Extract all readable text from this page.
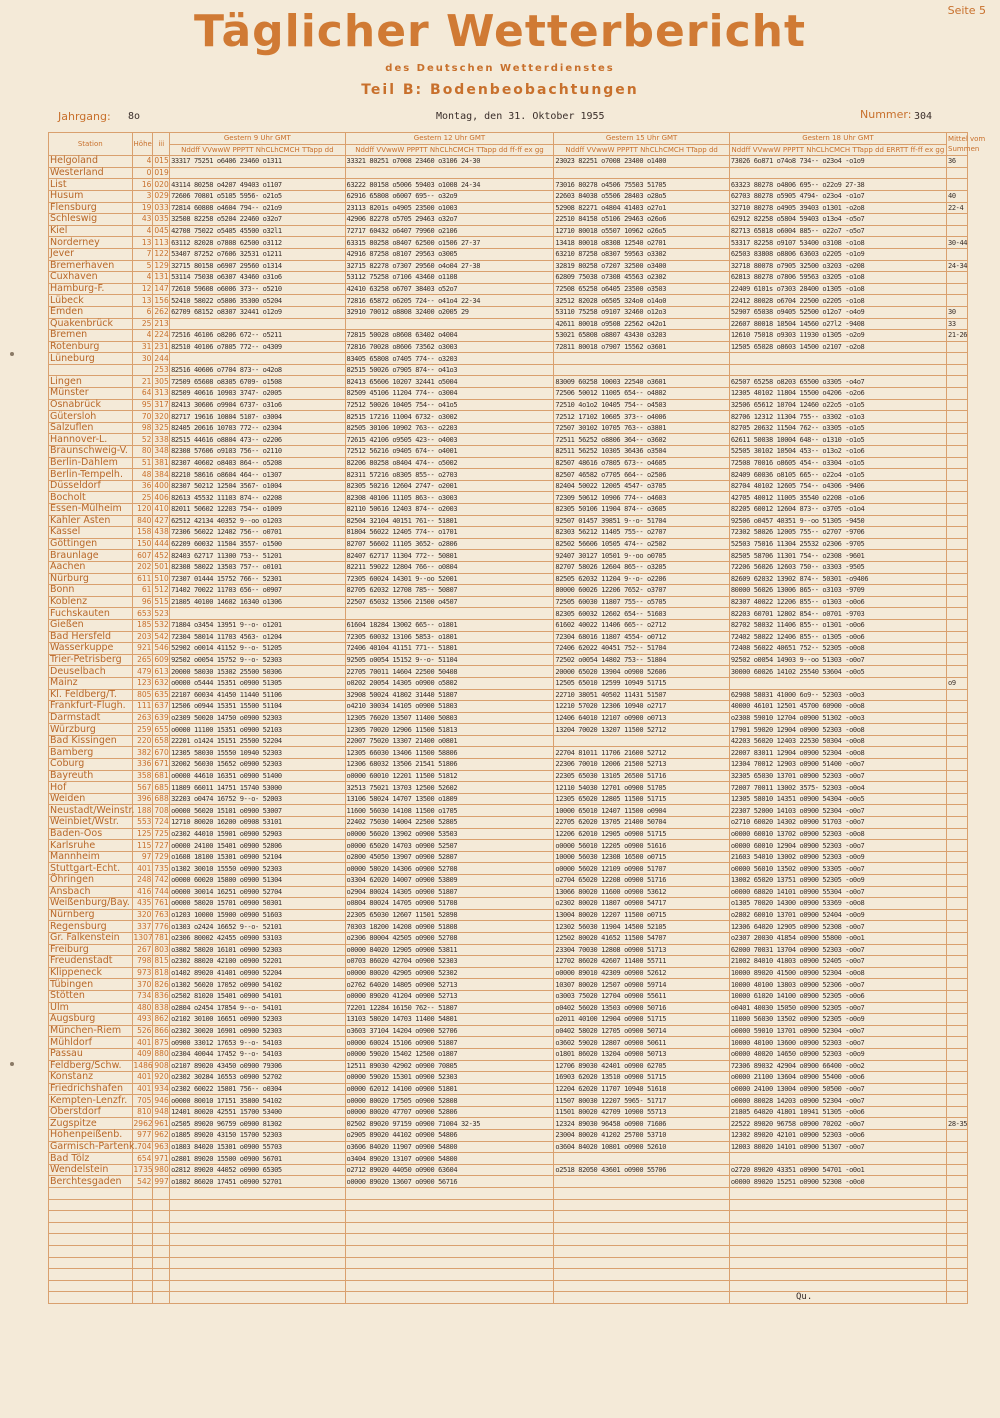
Seite 5
Täglicher Wetterbericht
des Deutschen Wetterdienstes
Teil B: Bodenbeobachtungen
Jahrgang: 8o	Montag, den 31. Oktober 1955	Nummer: 304
Station	Höhe	iii	Gestern 9 Uhr GMT	Gestern 12 Uhr GMT	Gestern 15 Uhr GMT	Gestern 18 Uhr GMT	Mittel vom
Summen

			Nddff VVwwW PPPTT NhCLhCMCH TTapp dd	Nddff VVwwW PPPTT NhCLhCMCH TTapp dd ff-ff ex gg	Nddff VVwwW PPPTT NhCLhCMCH TTapp dd	Nddff VVwwW PPPTT NhCLhCMCH TTapp dd ERRTT ff-ff ex gg	
Helgoland	4	015	33317 75251 o6406 23460 o1311	33321 80251 o7008 23460 o3106 24-30	23023 82251 o7008 23400 o1400	73026 6o871 o74o8 734-- o23o4 -o1o9	36
Westerland	0	019					
List	16	020	43114 80258 o4207 49403 o1107	63222 80158 o5006 59403 o1008 24-34	73016 80278 o4506 75503 51705	63323 80278 o4806 695-- o22o9 27-38	
Husum	3	029	72606 70801 o5105 5956- o21o5	62916 65808 o6007 695-- o32o9	22603 84038 o5506 28403 o28o5	62703 80278 o5905 4794- o23o4 -o1o7	40
Flensburg	19	033	72814 60808 o4604 794-- o21o9	23113 8201s o4905 23500 o1003	52908 82271 o4804 41403 o27o1	32710 80278 o4905 39403 o1301 -o2o8	22-4
Schleswig	43	035	32508 82258 o5204 22460 o32o7	42906 82278 o5705 29463 o32o7	22510 84158 o5106 29463 o26o6	62912 82258 o5804 59403 o13o4 -o5o7	
Kiel	4	045	42708 75022 o5405 45500 o32l1	72717 60432 o6407 79960 o2106	12710 80018 o5507 10962 o26o5	82713 65818 o6004 885-- o22o7 -o5o7	
Norderney	13	113	63112 82028 o7808 62500 o3112	63315 80258 o8407 62500 o1506 27-37	13418 80018 o8308 12540 o2701	53317 82258 o9107 53400 o3108 -o1o8	30-44
Jever	7	122	53407 87252 o7606 32531 o1211	42916 87258 o8107 29563 o3005	63210 87258 o8307 59563 o3302	62503 83808 o8806 63603 o2205 -o1o9	
Bremerhaven	5	129	32715 80158 o6907 29560 o1314	32715 82278 o7307 29560 o4o04 27-38	32819 80258 o7207 32500 o3400	32718 80078 o7905 32500 o3203 -o208	24-34
Cuxhaven	4	131	53114 75038 o6307 43460 o31o6	53112 75258 o7106 43460 o1108	62809 75038 o7308 45563 o2302	62813 80278 o7806 59563 o3205 -o1o8	
Hamburg-F.	12	147	72610 59608 o6006 373-- o5210	42410 63258 o6707 38403 o52o7	72508 65258 o6405 23500 o3503	22409 6101s o7303 28400 o1305 -o1o8	
Lübeck	13	156	52410 58022 o5806 35300 o5204	72816 65872 o6205 724-- o41o4 22-34	32512 82028 o6505 324o0 o14o0	22412 80028 o6704 22500 o2205 -o1o8	
Emden	6	262	62709 68152 o8307 32441 o12o9	32910 70012 o8808 32400 o2005 29	53110 75258 o9107 32460 o12o3	52907 65038 o9405 52500 o12o7 -o4o9	30
Quakenbrück	25	213			42611 80018 o9508 22562 o42o1	22607 80018 10504 14560 o27l2 -9408	33
Bremen	4	224	72516 46106 o8206 672-- o5211	72815 50028 o8608 63402 o4004	53021 65808 o8807 43430 o3203	12610 75018 o9303 11930 o1305 -o2o9	21-26
Rotenburg	31	231	82510 40106 o7805 772-- o4309	72816 70028 o8606 73562 o3003	72811 80018 o7907 15562 o3601	12505 65028 o8603 14500 o2107 -o2o8	
Lüneburg	30	244		83405 65808 o7405 774-- o3203			
		253	82516 40606 o7704 873-- o42o8	82515 50026 o7905 874-- o41o3			
Lingen	21	305	72509 65608 o8305 6709- o1508	82413 65606 10207 32441 o5004	83009 60258 10003 22540 o3601	62507 65258 o8203 65500 o3305 -o4o7	
Münster	64	313	82509 40616 10903 3747- o2005	82509 45106 11204 774-- o3004	72506 50012 11005 654-- o4802	12305 40102 11804 15500 o4206 -o2o6	
Osnabrück	95	317	82413 30606 o9904 6737- o31o6	72512 50026 10405 754-- o41o5	72510 4o1o2 10405 754-- o4503	32506 65612 10704 12460 o22o5 -o1o5	
Gütersloh	70	320	82717 19616 10804 5107- o3004	82515 17216 11004 6732- o3002	72512 17102 10605 373-- o4006	82706 12312 11304 755-- o3302 -o1o3	
Salzuflen	98	325	82405 20616 10703 772-- o2304	82505 30106 10902 763-- o2203	72507 30102 10705 763-- o3801	82705 20632 11504 762-- o3305 -o1o5	
Hannover-L.	52	338	82515 44616 o8804 473-- o2206	72615 42106 o9505 423-- o4003	72511 56252 o8806 364-- o3602	62611 50038 10004 648-- o1310 -o1o5	
Braunschweig-V.	80	348	82308 57606 o9103 756-- o2110	72512 56216 o9405 674-- o4001	82511 56252 10305 36436 o3504	52505 30102 10504 453-- o13o2 -o1o6	
Berlin-Dahlem	51	381	82307 40602 o8403 864-- o5208	82206 80258 o8404 474-- o5002	82507 48616 o7805 673-- o4605	72508 70016 o8605 454-- o3304 -o1o5	
Berlin-Tempelh.	48	384	82210 58616 o8604 464-- o1307	82311 57216 o8305 855-- o2703	82507 46582 o7705 664-- o2506	82409 60036 o8105 665-- o22o4 -o1o5	
Düsseldorf	36	400	82307 50212 12504 3567- o1004	82305 50216 12604 2747- o2001	82404 50022 12005 4547- o3705	82704 40102 12605 754-- o4306 -9406	
Bocholt	25	406	82613 45532 11103 874-- o2208	82308 40106 11105 863-- o3003	72309 50612 10906 774-- o4603	42705 40012 11005 35540 o2208 -o1o6	
Essen-Mülheim	120	410	82011 50602 12203 754-- o1009	82110 50616 12403 874-- o2003	82305 50106 11904 874-- o3605	82205 60012 12604 873-- o3705 -o1o4	
Kahler Asten	840	427	62512 42134 40352 9--oo o1203	82504 32104 40151 761-- 51801	92507 01457 39851 9--o- 51704	92506 o0457 40351 9--oo 51305 -9450	
Kassel	158	438	72306 56022 12402 756-- o0701	81804 56022 12405 774-- o1701	82303 56212 11405 755-- o2707	72302 58026 12005 755-- o2707 -9706	
Göttingen	150	444	62209 60032 11504 3557- o1500	82707 56602 11105 3652- o2806	82502 56606 10505 474-- o2502	52503 75016 11304 25532 o2306 -9705	
Braunlage	607	452	82403 62717 11300 753-- 51201	82407 62717 11304 772-- 50801	92407 30127 10501 9--oo o0705	82505 58706 11301 754-- o2308 -9601	
Aachen	202	501	82308 58022 13503 757-- o0101	82211 59022 12804 766-- o0804	82707 58026 12604 865-- o3205	72206 56026 12603 750-- o3303 -9505	
Nürburg	611	510	72307 01444 15752 766-- 52301	72305 60024 14301 9--oo 52001	82505 62032 11204 9--o- o2206	82609 62032 13902 874-- 50301 -o9406	
Bonn	61	512	71402 70022 11703 656-- o0907	82705 62032 12708 785-- 50807	80000 60026 12206 7652- o3707	80000 56026 13006 865-- o3103 -9709	
Koblenz	96	515	21805 40100 14602 16340 o1306	22507 65032 13506 21500 o4507	72505 60030 11807 755-- o5705	82307 40022 12206 855-- o1303 -o0o6	
Fuchskauten	653	523			82305 60032 12602 654-- 51603	82203 60701 12802 854-- o0701 -9703	
Gießen	185	532	71804 o3454 13951 9--o- o1201	61604 18284 13002 665-- o1801	61602 40022 11406 665-- o2712	82702 58032 11406 855-- o1301 -o0o6	
Bad Hersfeld	203	542	72304 58014 11703 4563- o1204	72305 60032 13106 5853- o1801	72304 68016 11807 4554- o0712	72402 58022 12406 855-- o1305 -o0o6	
Wasserkuppe	921	546	52902 o0014 41152 9--o- 51205	72406 40104 41151 771-- 51801	72406 62022 40451 752-- 51704	72408 56022 40651 752-- 52305 -o0o8	
Trier-Petrisberg	265	609	92502 o0054 15752 9--o- 52303	92505 o0054 15152 9--o- 51104	72502 o0054 14802 753-- 51804	92502 o0054 14903 9--oo 51303 -o0o7	
Deuselbach	479	613	20000 58030 15302 25500 50306	22705 70011 14604 22500 50408	20000 65020 13904 o0900 52606	30000 60026 14102 25540 53604 -o0o5	
Mainz	123	632	o0000 o5444 15351 o0900 51305	o0202 20054 14305 o0900 o5802	12505 65010 12599 10949 51715		o9
Kl. Feldberg/T.	805	635	22107 60034 41450 11440 51106	32908 50024 41802 31440 51807	22710 38051 40502 11431 51507	62908 58031 41000 6o9-- 52303 -o0o3	
Frankfurt-Flugh.	111	637	12506 o0944 15351 15500 51104	o4210 30034 14105 o0900 51803	12210 57020 12306 10940 o2717	40000 46101 12501 45700 60900 -o0o8	
Darmstadt	263	639	o2309 50020 14750 o0900 52303	12305 76020 13507 11400 50803	12406 64010 12107 o0900 o0713	o2308 59010 12704 o0900 51302 -o0o3	
Würzburg	259	655	o0000 11100 15351 o0900 52103	12305 70020 12906 11500 51813	13204 70020 13207 11500 52712	17901 59020 12904 o0900 52303 -o0o8	
Bad Kissingen	220	658	22201 o1424 15151 25500 52204	22007 75020 13307 21400 o0801		42203 56020 12403 22530 50304 -o0o8	
Bamberg	382	670	12305 58030 15550 10940 52303	12305 66030 13406 11500 58806	22704 81011 11706 21600 52712	22007 83011 12904 o0900 52304 -o0o8	
Coburg	336	671	32002 56030 15652 o0900 52303	12306 68032 13506 21541 51806	22306 70010 12006 21500 52713	12304 70012 12903 o0900 51400 -o0o7	
Bayreuth	358	681	o0000 44610 16351 o0900 51400	o0000 60010 12201 11500 51812	22305 65030 13105 26500 51716	32305 65030 13701 o0900 52303 -o0o7	
Hof	567	685	11809 66011 14751 15740 53000	32513 75021 13703 12500 52602	12110 54030 12701 o0900 51705	72007 70011 13002 3575- 52303 -o0o4	
Weiden	396	688	32203 o0474 16752 9--o- 52003	13106 58024 14707 13500 o1809	12305 65020 12805 11500 51715	12305 58010 14351 o0900 54304 -o0o5	
Neustadt/Weinstr.	188	708	o0000 56020 15101 o0900 53007	11600 56030 14108 11500 o1705	10000 65010 12407 11500 o0904	22307 52000 14103 o0900 52304 -o0o7	
Weinbiet/Wstr.	553	724	12710 80020 16200 o0908 53101	22402 75030 14004 22500 52805	22705 62020 13705 21400 50704	o2710 60020 14302 o0900 51703 -o0o7	
Baden-Oos	125	725	o2302 44010 15901 o0900 52903	o0000 56020 13902 o0900 53503	12206 62010 12905 o0900 51715	o0000 60010 13702 o0900 52303 -o0o8	
Karlsruhe	115	727	o0000 24100 15401 o0900 52806	o0000 65020 14703 o0900 52507	o0000 56010 12205 o0900 51616	o0000 60010 12904 o0900 52303 -o0o7	
Mannheim	97	729	o1608 18100 15301 o0900 52104	o2800 45050 13907 o0900 52807	10000 56030 12308 16500 o0715	21603 54010 13002 o0900 52303 -o0o9	
Stuttgart-Echt.	401	735	o1302 30010 15550 o0900 52303	o0000 58020 14306 o0900 52708	o0000 56020 12109 o0900 51707	o0000 56010 13502 o0900 53305 -o0o7	
Öhringen	248	742	o0000 60020 15800 o0900 51304	o3304 62020 14007 o0900 53809	o2704 65020 12208 o0900 51716	13002 65020 13751 o0900 52305 -o0o9	
Ansbach	416	744	o0000 30014 16251 o0900 52704	o2904 80024 14305 o0900 51807	13066 80020 11600 o0900 53612	o0000 68020 14101 o0900 55304 -o0o7	
Weißenburg/Bay.	435	761	o0000 58020 15701 o0900 50301	o0804 80024 14705 o0900 51708	o2302 80020 11807 o0900 54717	o1305 70020 14300 o0900 53369 -o0o8	
Nürnberg	320	763	o1203 10000 15900 o0900 51603	22305 65030 12607 11501 52898	13004 80020 12207 11500 o0715	o2802 60010 13701 o0900 52404 -o0o9	
Regensburg	337	776	o1303 o2424 16652 9--o- 52101	70303 18200 14208 o0900 51808	12302 56030 11904 14500 52105	12306 64020 12905 o0900 52308 -o0o7	
Gr. Falkenstein	1307	781	o2306 80002 42455 o0900 53103	o2306 80004 42505 o0900 52708	12502 80020 41652 11500 54707	o2307 20030 41854 o0900 55800 -o0o1	
Freiburg	267	803	o3802 58020 16101 o0900 52303	o0000 84020 12905 o0900 53811	23304 70030 12808 o0900 51713	62000 70031 13704 o0900 52303 -o0o7	
Freudenstadt	798	815	o2302 88020 42100 o0900 52201	o0703 86020 42704 o0900 52303	12702 86020 42607 11400 55711	21002 84010 41803 o0900 52405 -o0o7	
Klippeneck	973	818	o1402 89020 41401 o0900 52204	o0000 80020 42905 o0900 52302	o0000 89010 42309 o0900 52612	10000 89020 41500 o0900 52304 -o0o8	
Tübingen	370	826	o1302 56020 17052 o0900 54102	o2762 64020 14805 o0900 52713	10307 80020 12507 o0900 59714	10000 40100 13803 o0900 52306 -o0o7	
Stötten	734	836	o2502 81020 15401 o0900 54101	o0000 89020 41204 o0900 52713	o3003 75020 12704 o0900 55611	10000 61020 14100 o0900 52305 -o0o6	
Ulm	480	838	o2804 o2454 17854 9--o- 54101	72201 12284 16150 762-- 51807	o0402 56020 13503 o0900 50716	o0401 40030 15050 o0900 52305 -o0o7	
Augsburg	493	862	o2102 30100 16651 o0900 52303	13103 58020 14703 11400 54801	o2011 40100 12904 o0900 51715	11000 56030 13502 o0900 52305 -o0o9	
München-Riem	526	866	o2302 30020 16901 o0900 52303	o3603 37104 14204 o0900 52706	o0402 58020 12705 o0900 50714	o0000 59010 13701 o0900 52304 -o0o7	
Mühldorf	401	875	o0900 33012 17653 9--o- 54103	o0000 60024 15106 o0900 51807	o3602 59020 12807 o0900 50611	10000 40100 13600 o0900 52303 -o0o7	
Passau	409	880	o2304 40044 17452 9--o- 54103	o0000 59020 15402 12500 o1807	o1801 86020 13204 o0900 50713	o0000 40020 14650 o0900 52303 -o0o9	
Feldberg/Schw.	1486	908	o2107 89020 43450 o0900 79306	12511 89030 42902 o0900 70805	12706 89030 42401 o0900 62705	72306 89032 42904 o0900 66400 -o0o2	
Konstanz	401	920	o2302 30284 16553 o0900 52702	o0000 59020 15301 o0900 52303	16903 62020 13510 o0900 51715	o0000 21100 13604 o0900 55400 -o0o6	
Friedrichshafen	401	934	o2302 60022 15801 756-- o0304	o0000 62012 14100 o0900 51801	12204 62020 11707 10940 51618	o0000 24100 13004 o0900 50500 -o0o7	
Kempten-Lenzfr.	705	946	o0000 80010 17151 35800 54102	o0000 80020 17505 o0900 52808	11507 80030 12207 5965- 51717	o0000 80028 14203 o0900 52304 -o0o7	
Oberstdorf	810	948	12401 80020 42551 15700 53400	o0000 80020 47707 o0900 52806	11501 80020 42709 10900 55713	21805 64020 41801 10941 51305 -o0o6	
Zugspitze	2962	961	o2505 89020 96759 o0900 81302	02502 89020 97159 o0900 71004 32-35	12324 89030 96458 o0900 71606	22522 89020 96758 o0900 70202 -o0o7	28-35
Hohenpeißenb.	977	962	o1805 89020 43150 15700 52303	o2905 89020 44102 o0900 54806	23004 80020 41202 25700 53710	12302 89020 42101 o0900 52303 -o0o6	
Garmisch-Partenk.	704	963	o1803 84020 15301 o0900 55703	o3606 84020 11907 o0900 54800	o3604 84020 10801 o0900 52610	12003 80020 14101 o0900 51307 -o0o7	
Bad Tölz	654	971	o2801 89020 15500 o0900 56701	o3404 89020 13107 o0900 54800			
Wendelstein	1735	980	o2812 89020 44052 o0900 65305	o2712 89020 44050 o0900 63604	o2518 82050 43601 o0900 55706	o2720 89020 43351 o0900 54701 -o0o1	
Berchtesgaden	542	997	o1802 86020 17451 o0900 52701	o0000 89020 13607 o0900 56716		o0000 89020 15251 o0900 52308 -o0o0	

Qu.
